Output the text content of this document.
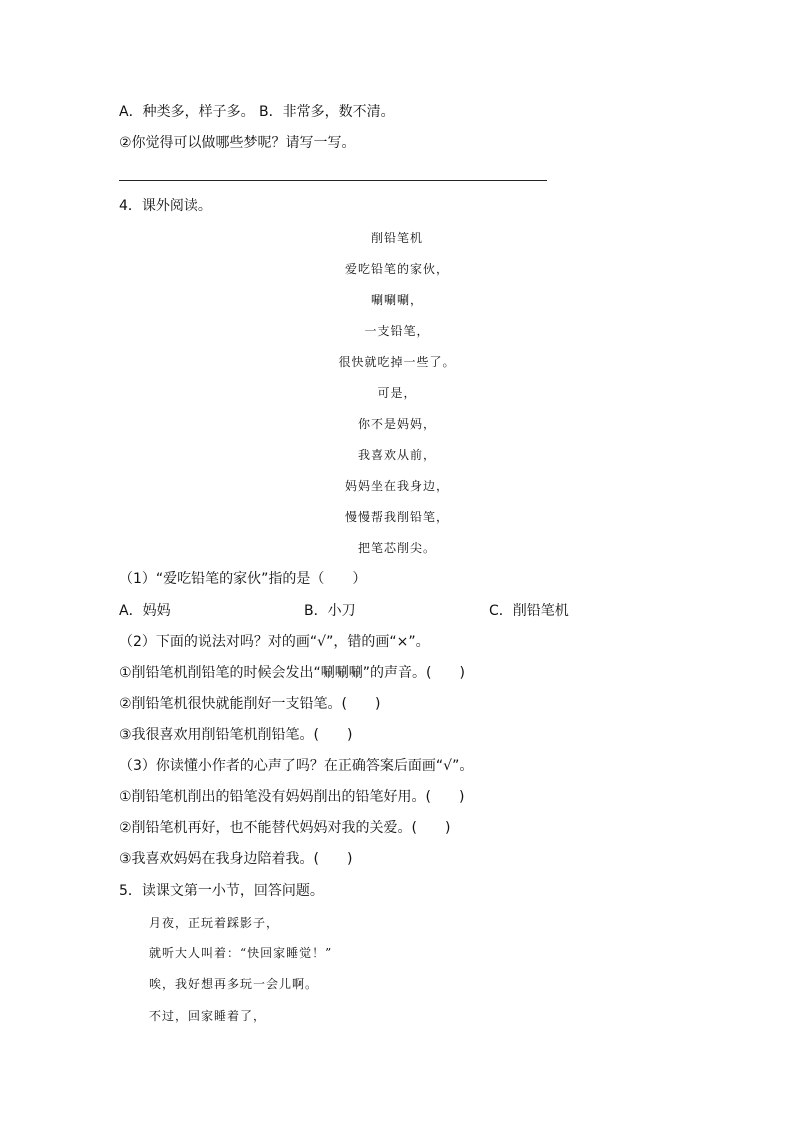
A．种类多，样子多。 B．非常多，数不清。
②你觉得可以做哪些梦呢？请写一写。
4．课外阅读。
削铅笔机
爱吃铅笔的家伙，
唰唰唰，
一支铅笔，
很快就吃掉一些了。
可是，
你不是妈妈，
我喜欢从前，
妈妈坐在我身边，
慢慢帮我削铅笔，
把笔芯削尖。
（1）“爱吃铅笔的家伙”指的是（　　）
A．妈妈	B．小刀	C．削铅笔机
（2）下面的说法对吗？对的画“√”，错的画“×”。
①削铅笔机削铅笔的时候会发出“唰唰唰”的声音。(　　)
②削铅笔机很快就能削好一支铅笔。(　　)
③我很喜欢用削铅笔机削铅笔。(　　)
（3）你读懂小作者的心声了吗？在正确答案后面画“√”。
①削铅笔机削出的铅笔没有妈妈削出的铅笔好用。(　　)
②削铅笔机再好，也不能替代妈妈对我的关爱。(　　)
③我喜欢妈妈在我身边陪着我。(　　)
5．读课文第一小节，回答问题。
月夜，正玩着踩影子，
就听大人叫着：“快回家睡觉！”
唉，我好想再多玩一会儿啊。
不过，回家睡着了，
